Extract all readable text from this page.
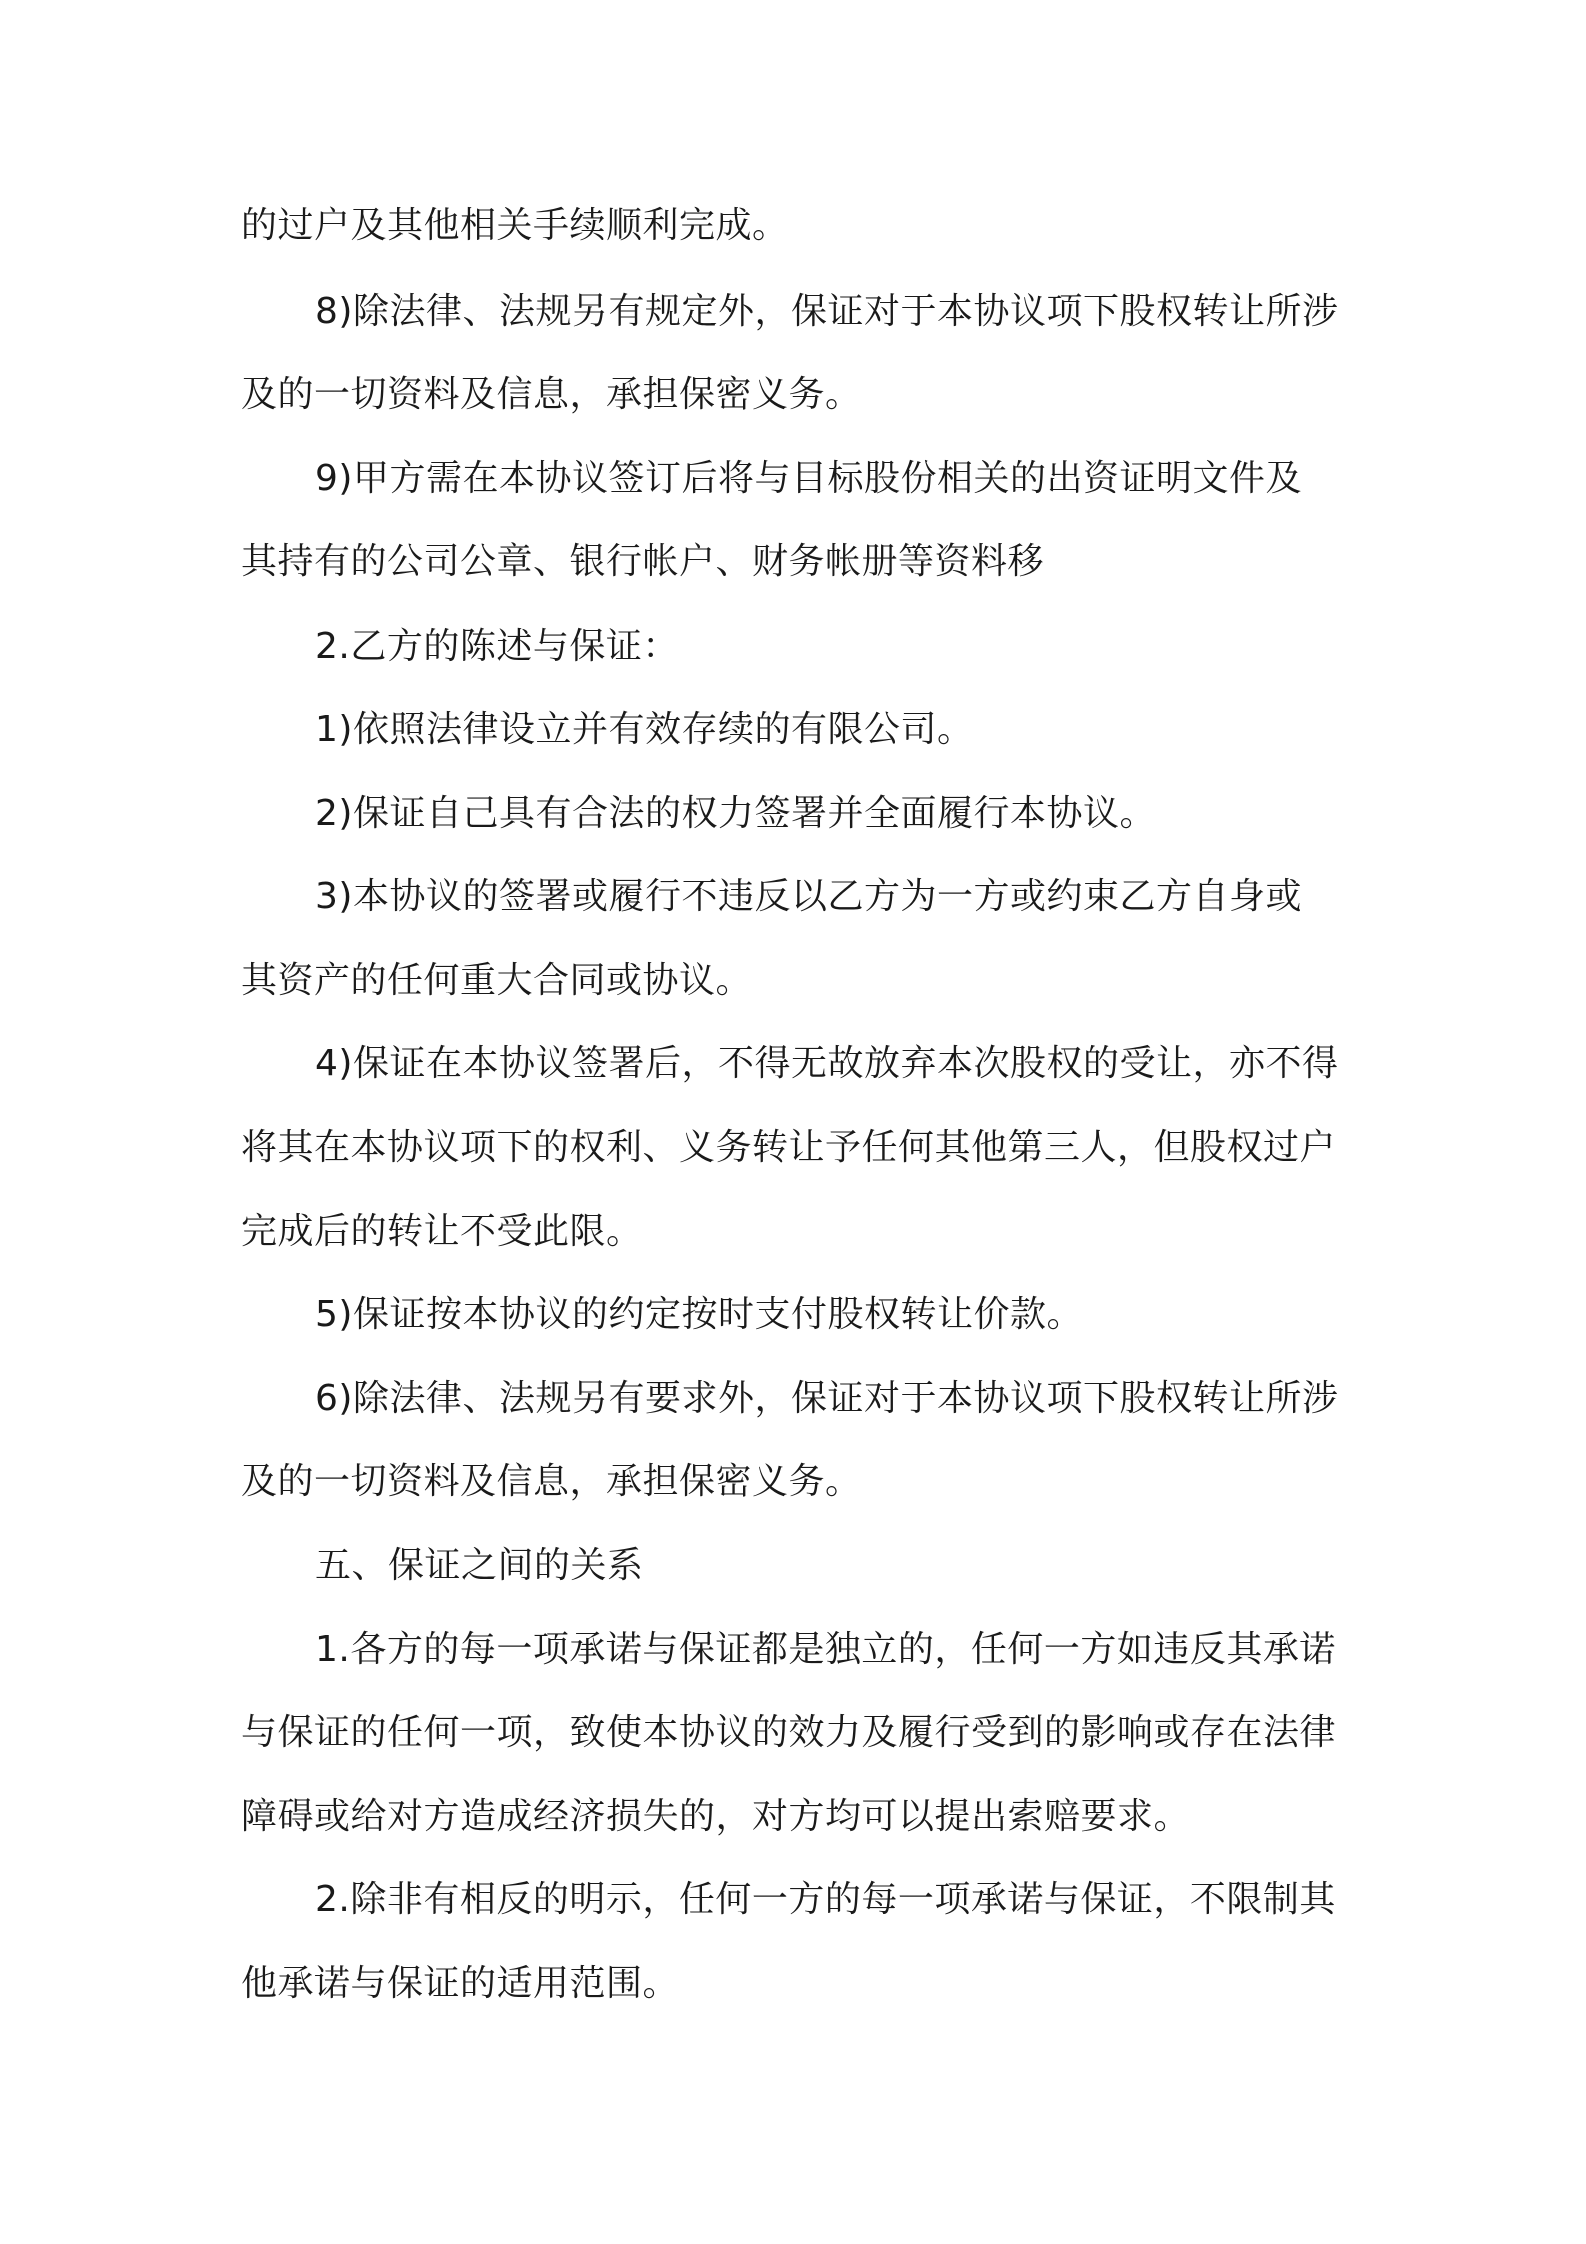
的过户及其他相关手续顺利完成。
8)除法律、法规另有规定外，保证对于本协议项下股权转让所涉
及的一切资料及信息，承担保密义务。
9)甲方需在本协议签订后将与目标股份相关的出资证明文件及
其持有的公司公章、银行帐户、财务帐册等资料移
2.乙方的陈述与保证：
1)依照法律设立并有效存续的有限公司。
2)保证自己具有合法的权力签署并全面履行本协议。
3)本协议的签署或履行不违反以乙方为一方或约束乙方自身或
其资产的任何重大合同或协议。
4)保证在本协议签署后，不得无故放弃本次股权的受让，亦不得
将其在本协议项下的权利、义务转让予任何其他第三人，但股权过户
完成后的转让不受此限。
5)保证按本协议的约定按时支付股权转让价款。
6)除法律、法规另有要求外，保证对于本协议项下股权转让所涉
及的一切资料及信息，承担保密义务。
五、保证之间的关系
1.各方的每一项承诺与保证都是独立的，任何一方如违反其承诺
与保证的任何一项，致使本协议的效力及履行受到的影响或存在法律
障碍或给对方造成经济损失的，对方均可以提出索赔要求。
2.除非有相反的明示，任何一方的每一项承诺与保证，不限制其
他承诺与保证的适用范围。
